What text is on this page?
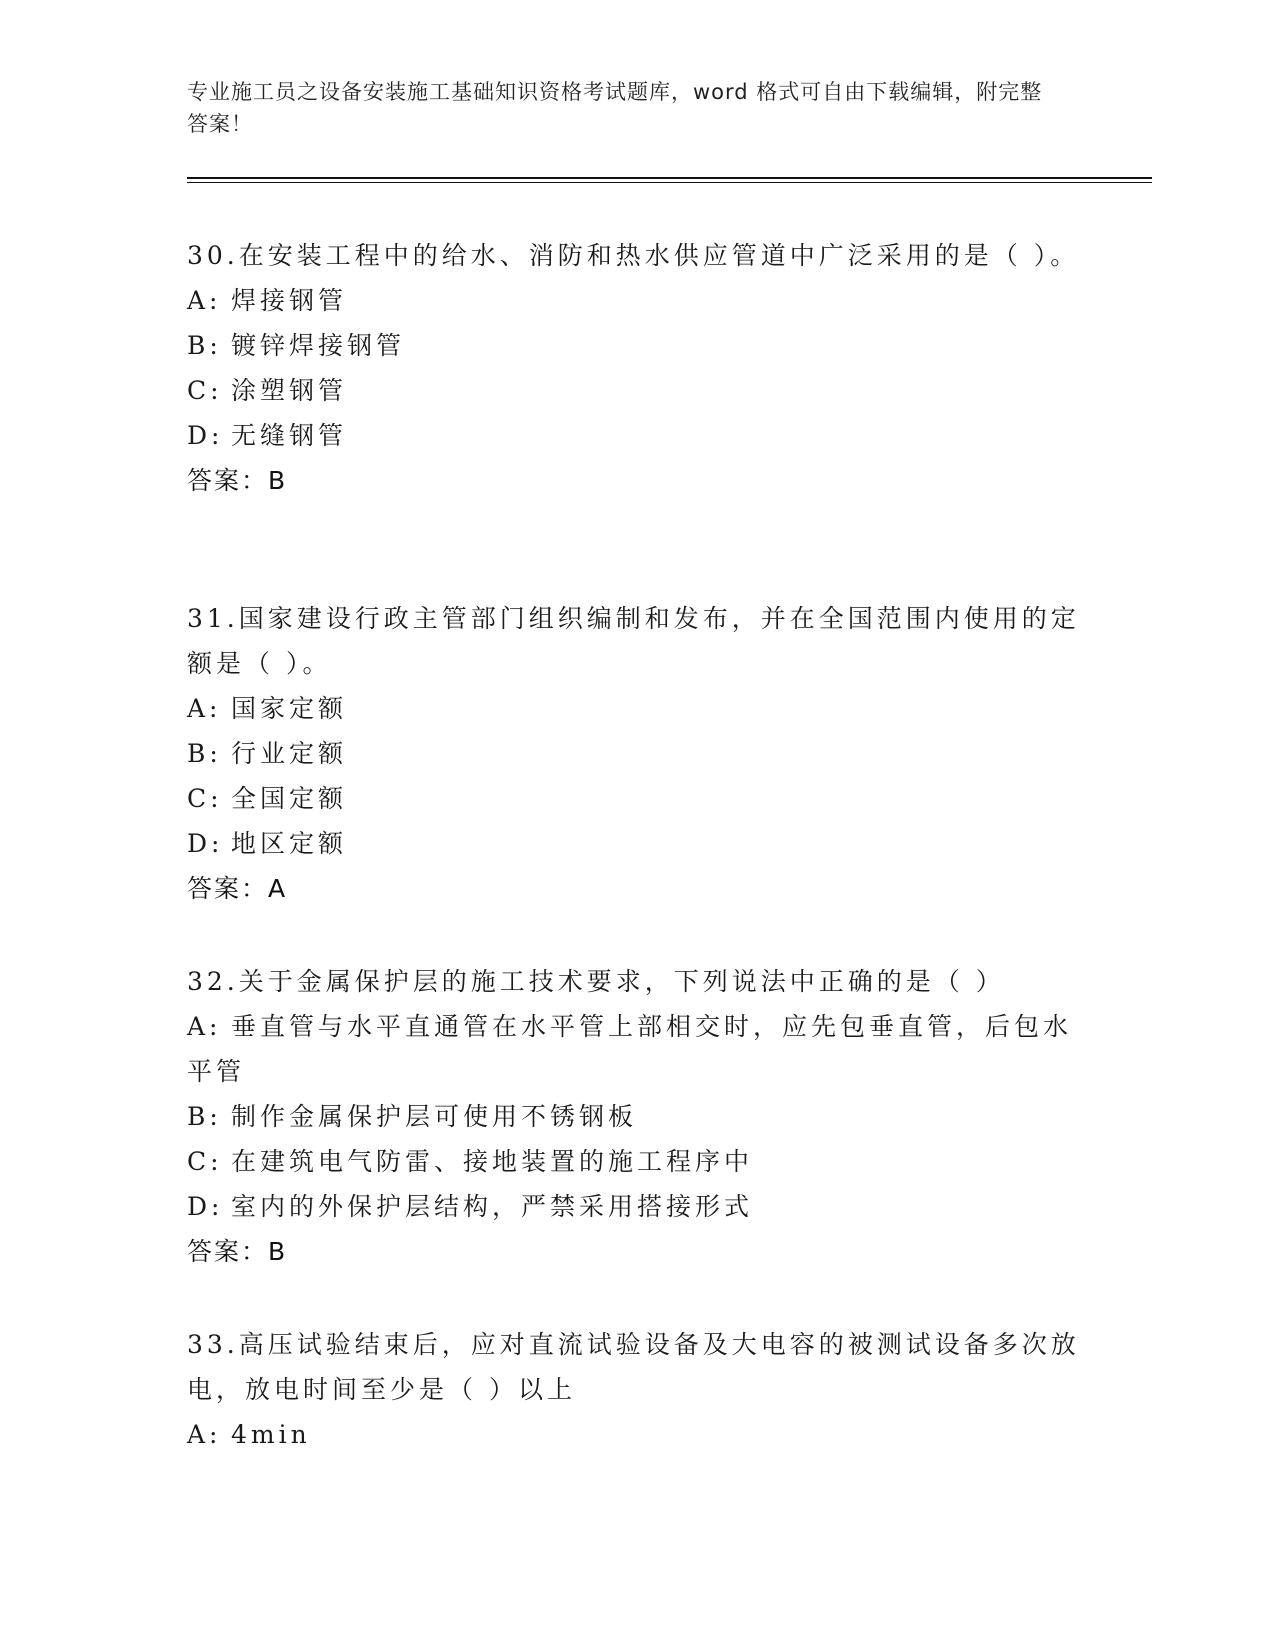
专业施工员之设备安装施工基础知识资格考试题库，word 格式可自由下载编辑，附完整答案！
30.在安装工程中的给水、消防和热水供应管道中广泛采用的是（ ）。
A: 焊接钢管
B: 镀锌焊接钢管
C: 涂塑钢管
D: 无缝钢管
答案：B
31.国家建设行政主管部门组织编制和发布，并在全国范围内使用的定额是（ ）。
A: 国家定额
B: 行业定额
C: 全国定额
D: 地区定额
答案：A
32.关于金属保护层的施工技术要求，下列说法中正确的是（ ）
A: 垂直管与水平直通管在水平管上部相交时，应先包垂直管，后包水平管
B: 制作金属保护层可使用不锈钢板
C: 在建筑电气防雷、接地装置的施工程序中
D: 室内的外保护层结构，严禁采用搭接形式
答案：B
33.高压试验结束后，应对直流试验设备及大电容的被测试设备多次放电，放电时间至少是（ ）以上
A: 4min
